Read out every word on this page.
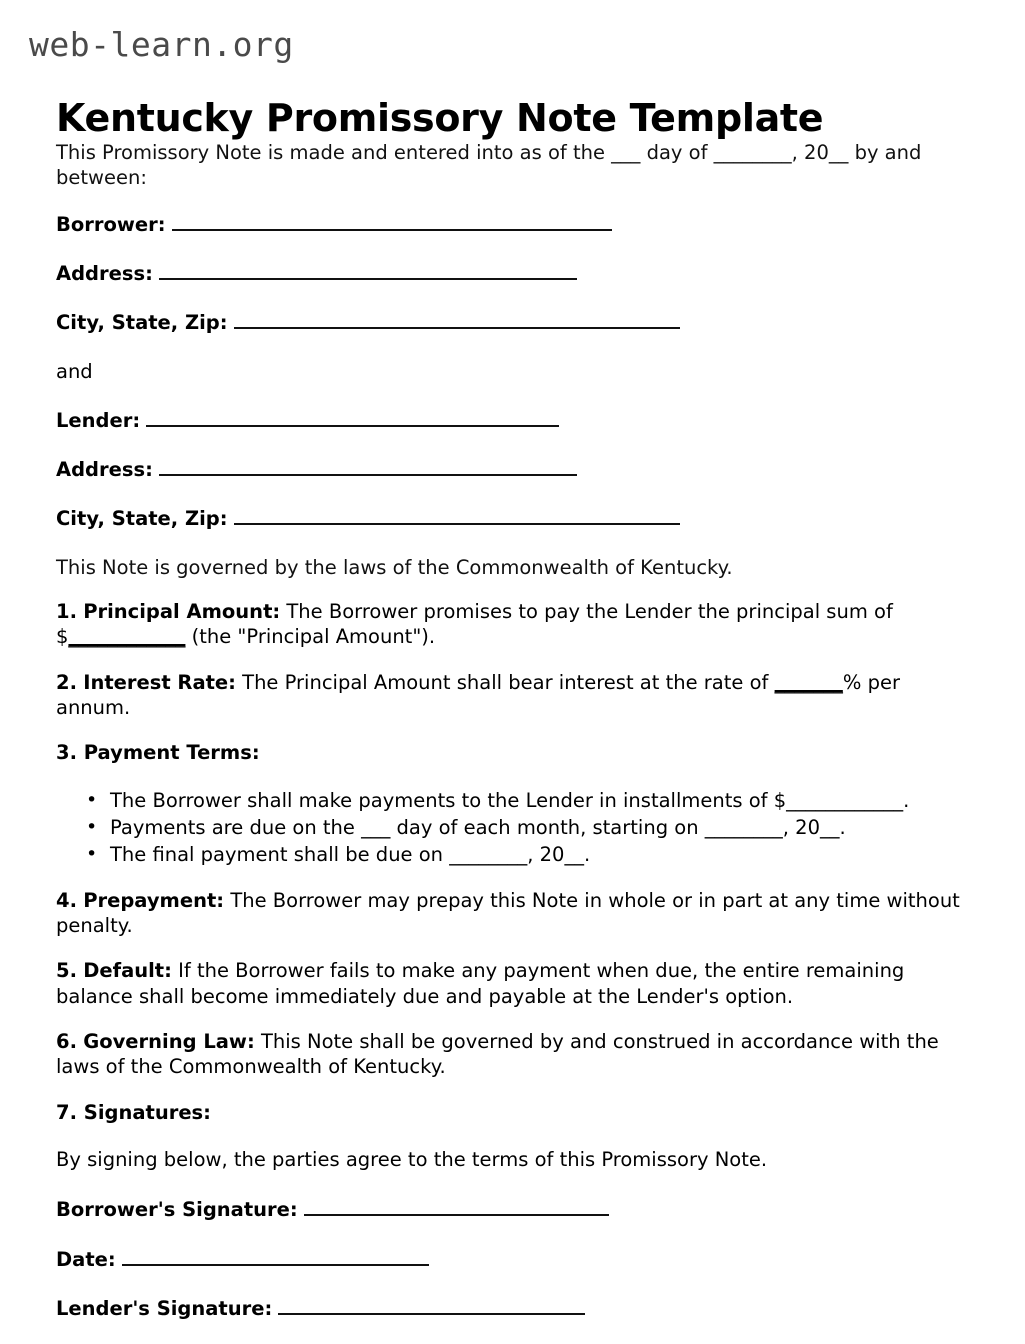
web-learn.org
Kentucky Promissory Note Template

This Promissory Note is made and entered into as of the ___ day of ________, 20__ by and between:

Borrower:
Address:
City, State, Zip:
and
Lender:
Address:
City, State, Zip:

This Note is governed by the laws of the Commonwealth of Kentucky.

1. Principal Amount: The Borrower promises to pay the Lender the principal sum of $____________ (the "Principal Amount").
2. Interest Rate: The Principal Amount shall bear interest at the rate of _______% per annum.
3. Payment Terms:
• The Borrower shall make payments to the Lender in installments of $____________.
• Payments are due on the ___ day of each month, starting on ________, 20__.
• The final payment shall be due on ________, 20__.
4. Prepayment: The Borrower may prepay this Note in whole or in part at any time without penalty.
5. Default: If the Borrower fails to make any payment when due, the entire remaining balance shall become immediately due and payable at the Lender's option.
6. Governing Law: This Note shall be governed by and construed in accordance with the laws of the Commonwealth of Kentucky.
7. Signatures:
By signing below, the parties agree to the terms of this Promissory Note.
Borrower's Signature:
Date:
Lender's Signature:
